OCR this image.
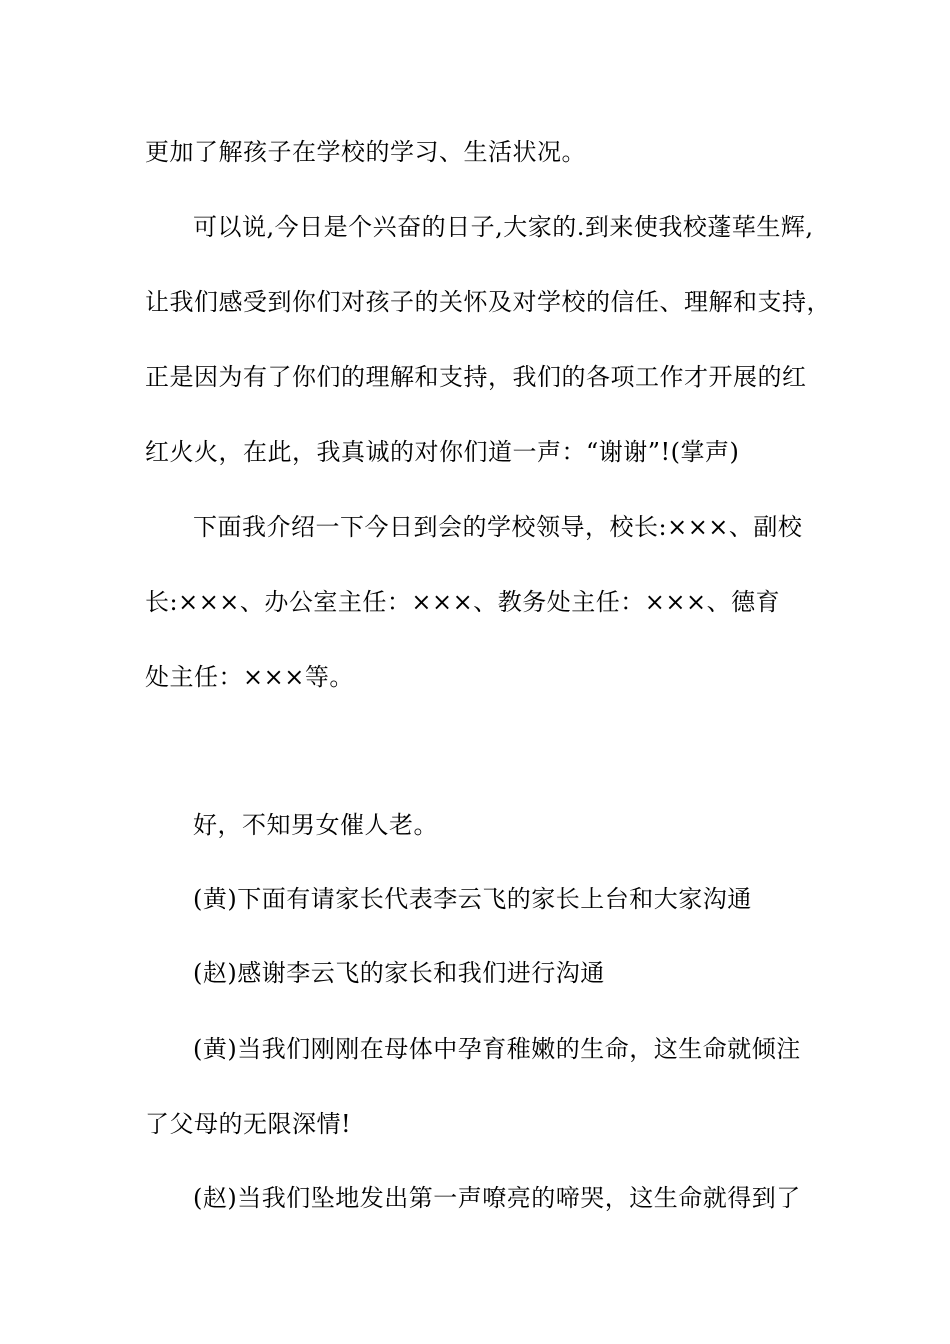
更加了解孩子在学校的学习、生活状况。
可以说,今日是个兴奋的日子,大家的.到来使我校蓬荜生辉,
让我们感受到你们对孩子的关怀及对学校的信任、理解和支持，
正是因为有了你们的理解和支持，我们的各项工作才开展的红
红火火，在此，我真诚的对你们道一声：“谢谢”!(掌声)
下面我介绍一下今日到会的学校领导，校长:×××、副校
长:×××、办公室主任：×××、教务处主任：×××、德育
处主任：×××等。
好，不知男女催人老。
(黄)下面有请家长代表李云飞的家长上台和大家沟通
(赵)感谢李云飞的家长和我们进行沟通
(黄)当我们刚刚在母体中孕育稚嫩的生命，这生命就倾注
了父母的无限深情!
(赵)当我们坠地发出第一声嘹亮的啼哭，这生命就得到了
